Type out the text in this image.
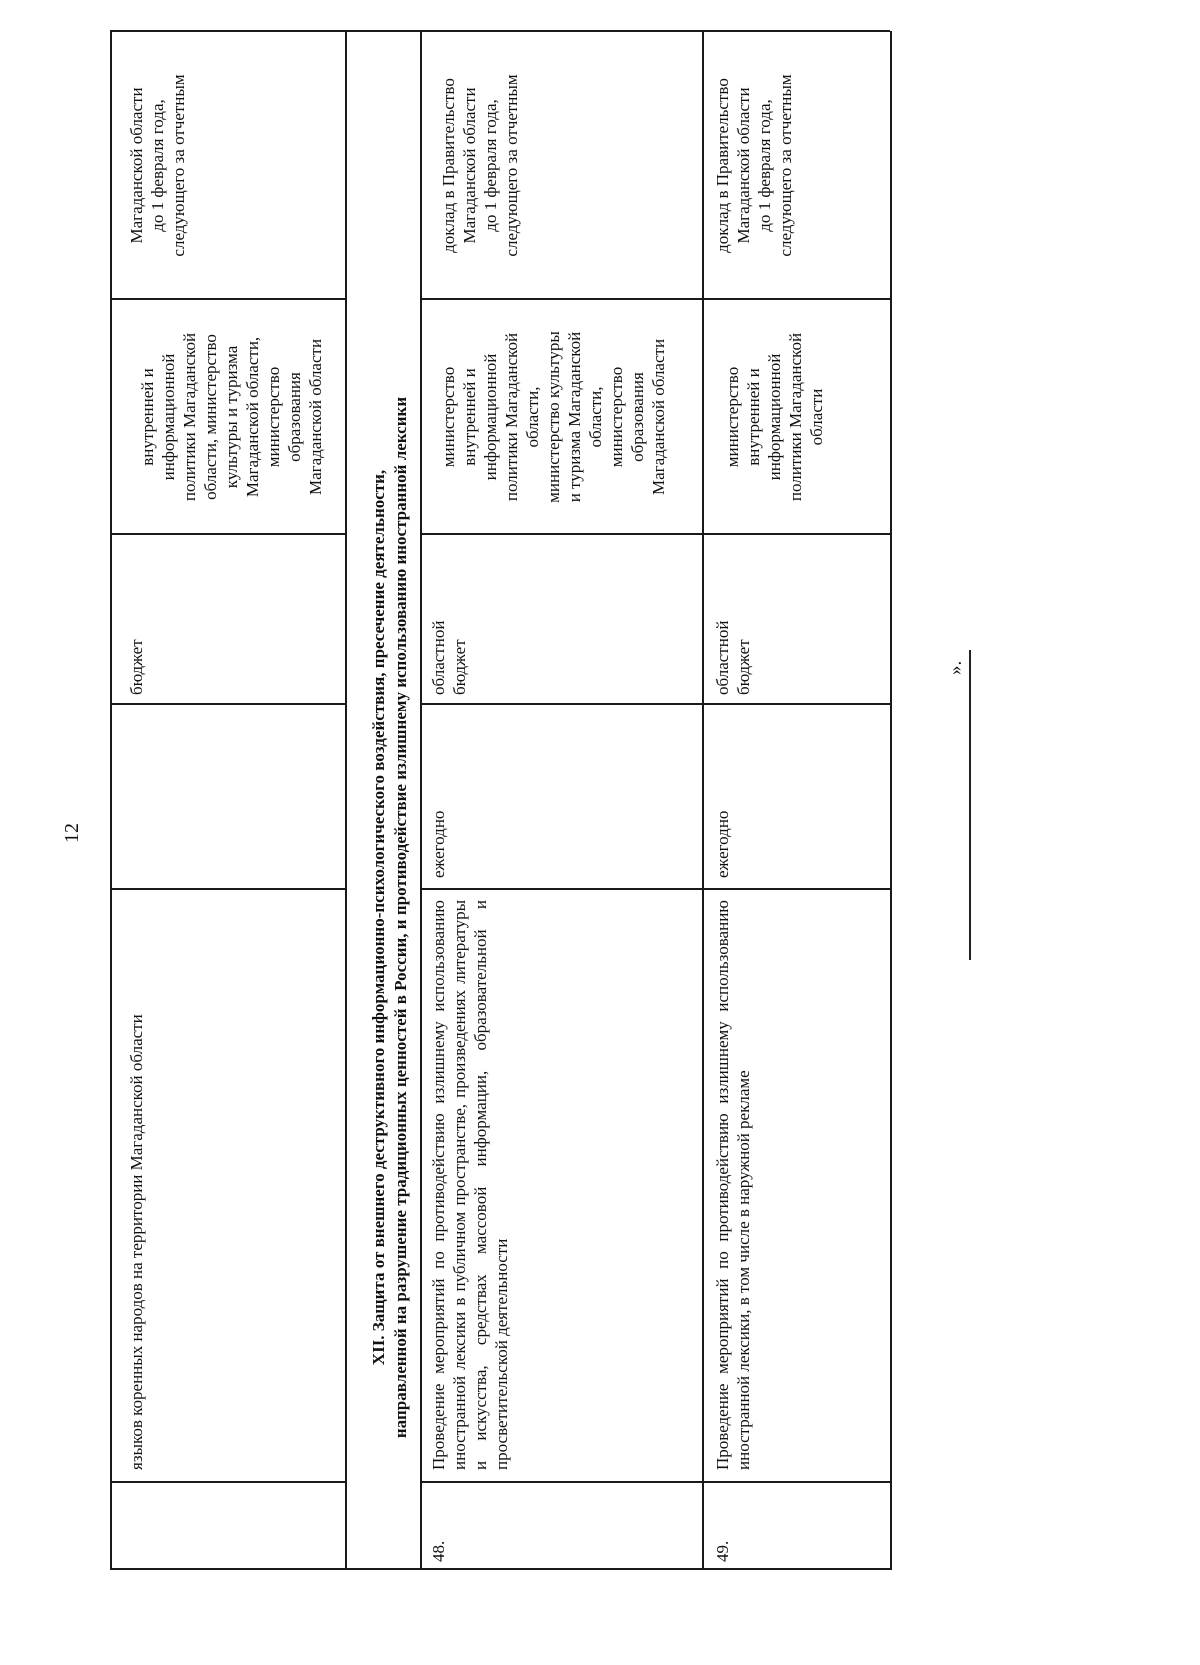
12
языков коренных народов на территории Магаданской области
бюджет
внутренней и
информационной
политики Магаданской
области, министерство
культуры и туризма
Магаданской области,
министерство
образования
Магаданской области
Магаданской области
до 1 февраля года,
следующего за отчетным
XII. Защита от внешнего деструктивного информационно-психологического воздействия, пресечение деятельности,
направленной на разрушение традиционных ценностей в России, и противодействие излишнему использованию иностранной лексики
48.
Проведение мероприятий по противодействию излишнему использованию иностранной лексики в публичном пространстве, произведениях литературы и искусства, средствах массовой информации, образовательной и просветительской деятельности
ежегодно
областной
бюджет
министерство
внутренней и
информационной
политики Магаданской
области,
министерство культуры
и туризма Магаданской
области,
министерство
образования
Магаданской области
доклад в Правительство
Магаданской области
до 1 февраля года,
следующего за отчетным
49.
Проведение мероприятий по противодействию излишнему использованию иностранной лексики, в том числе в наружной рекламе
ежегодно
областной
бюджет
министерство
внутренней и
информационной
политики Магаданской
области
доклад в Правительство
Магаданской области
до 1 февраля года,
следующего за отчетным
».
